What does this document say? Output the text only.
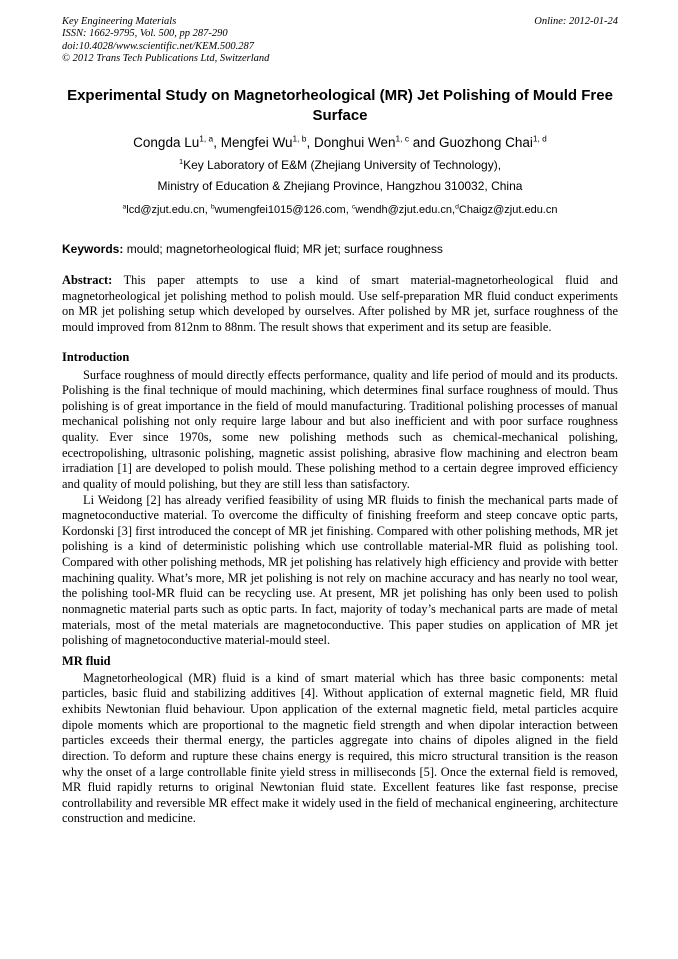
Key Engineering Materials
ISSN: 1662-9795, Vol. 500, pp 287-290
doi:10.4028/www.scientific.net/KEM.500.287
© 2012 Trans Tech Publications Ltd, Switzerland
Online: 2012-01-24
Experimental Study on Magnetorheological (MR) Jet Polishing of Mould Free Surface
Congda Lu$^{1, a}$, Mengfei Wu$^{1, b}$, Donghui Wen$^{1, c}$ and Guozhong Chai$^{1, d}$
$^1$Key Laboratory of E&M (Zhejiang University of Technology),
Ministry of Education & Zhejiang Province, Hangzhou 310032, China
$^a$lcd@zjut.edu.cn, $^b$wumengfei1015@126.com, $^c$wendh@zjut.edu.cn,$^d$Chaigz@zjut.edu.cn
Keywords: mould; magnetorheological fluid; MR jet; surface roughness

Abstract: This paper attempts to use a kind of smart material-magnetorheological fluid and magnetorheological jet polishing method to polish mould. Use self-preparation MR fluid conduct experiments on MR jet polishing setup which developed by ourselves. After polished by MR jet, surface roughness of the mould improved from 812nm to 88nm. The result shows that experiment and its setup are feasible.

Introduction

Surface roughness of mould directly effects performance, quality and life period of mould and its products. Polishing is the final technique of mould machining, which determines final surface roughness of mould. Thus polishing is of great importance in the field of mould manufacturing. Traditional polishing processes of manual mechanical polishing not only require large labour and but also inefficient and with poor surface roughness quality. Ever since 1970s, some new polishing methods such as chemical-mechanical polishing, ecectropolishing, ultrasonic polishing, magnetic assist polishing, abrasive flow machining and electron beam irradiation [1] are developed to polish mould. These polishing method to a certain degree improved efficiency and quality of mould polishing, but they are still less than satisfactory.

Li Weidong [2] has already verified feasibility of using MR fluids to finish the mechanical parts made of magnetoconductive material. To overcome the difficulty of finishing freeform and steep concave optic parts, Kordonski [3] first introduced the concept of MR jet finishing. Compared with other polishing methods, MR jet polishing is a kind of deterministic polishing which use controllable material-MR fluid as polishing tool. Compared with other polishing methods, MR jet polishing has relatively high efficiency and provide with better machining quality. What’s more, MR jet polishing is not rely on machine accuracy and has nearly no tool wear, the polishing tool-MR fluid can be recycling use. At present, MR jet polishing has only been used to polish nonmagnetic material parts such as optic parts. In fact, majority of today’s mechanical parts are made of metal materials, most of the metal materials are magnetoconductive. This paper studies on application of MR jet polishing of magnetoconductive material-mould steel.

MR fluid

Magnetorheological (MR) fluid is a kind of smart material which has three basic components: metal particles, basic fluid and stabilizing additives [4]. Without application of external magnetic field, MR fluid exhibits Newtonian fluid behaviour. Upon application of the external magnetic field, metal particles acquire dipole moments which are proportional to the magnetic field strength and when dipolar interaction between particles exceeds their thermal energy, the particles aggregate into chains of dipoles aligned in the field direction. To deform and rupture these chains energy is required, this micro structural transition is the reason why the onset of a large controllable finite yield stress in milliseconds [5]. Once the external field is removed, MR fluid rapidly returns to original Newtonian fluid state. Excellent features like fast response, precise controllability and reversible MR effect make it widely used in the field of mechanical engineering, architecture construction and medicine.
